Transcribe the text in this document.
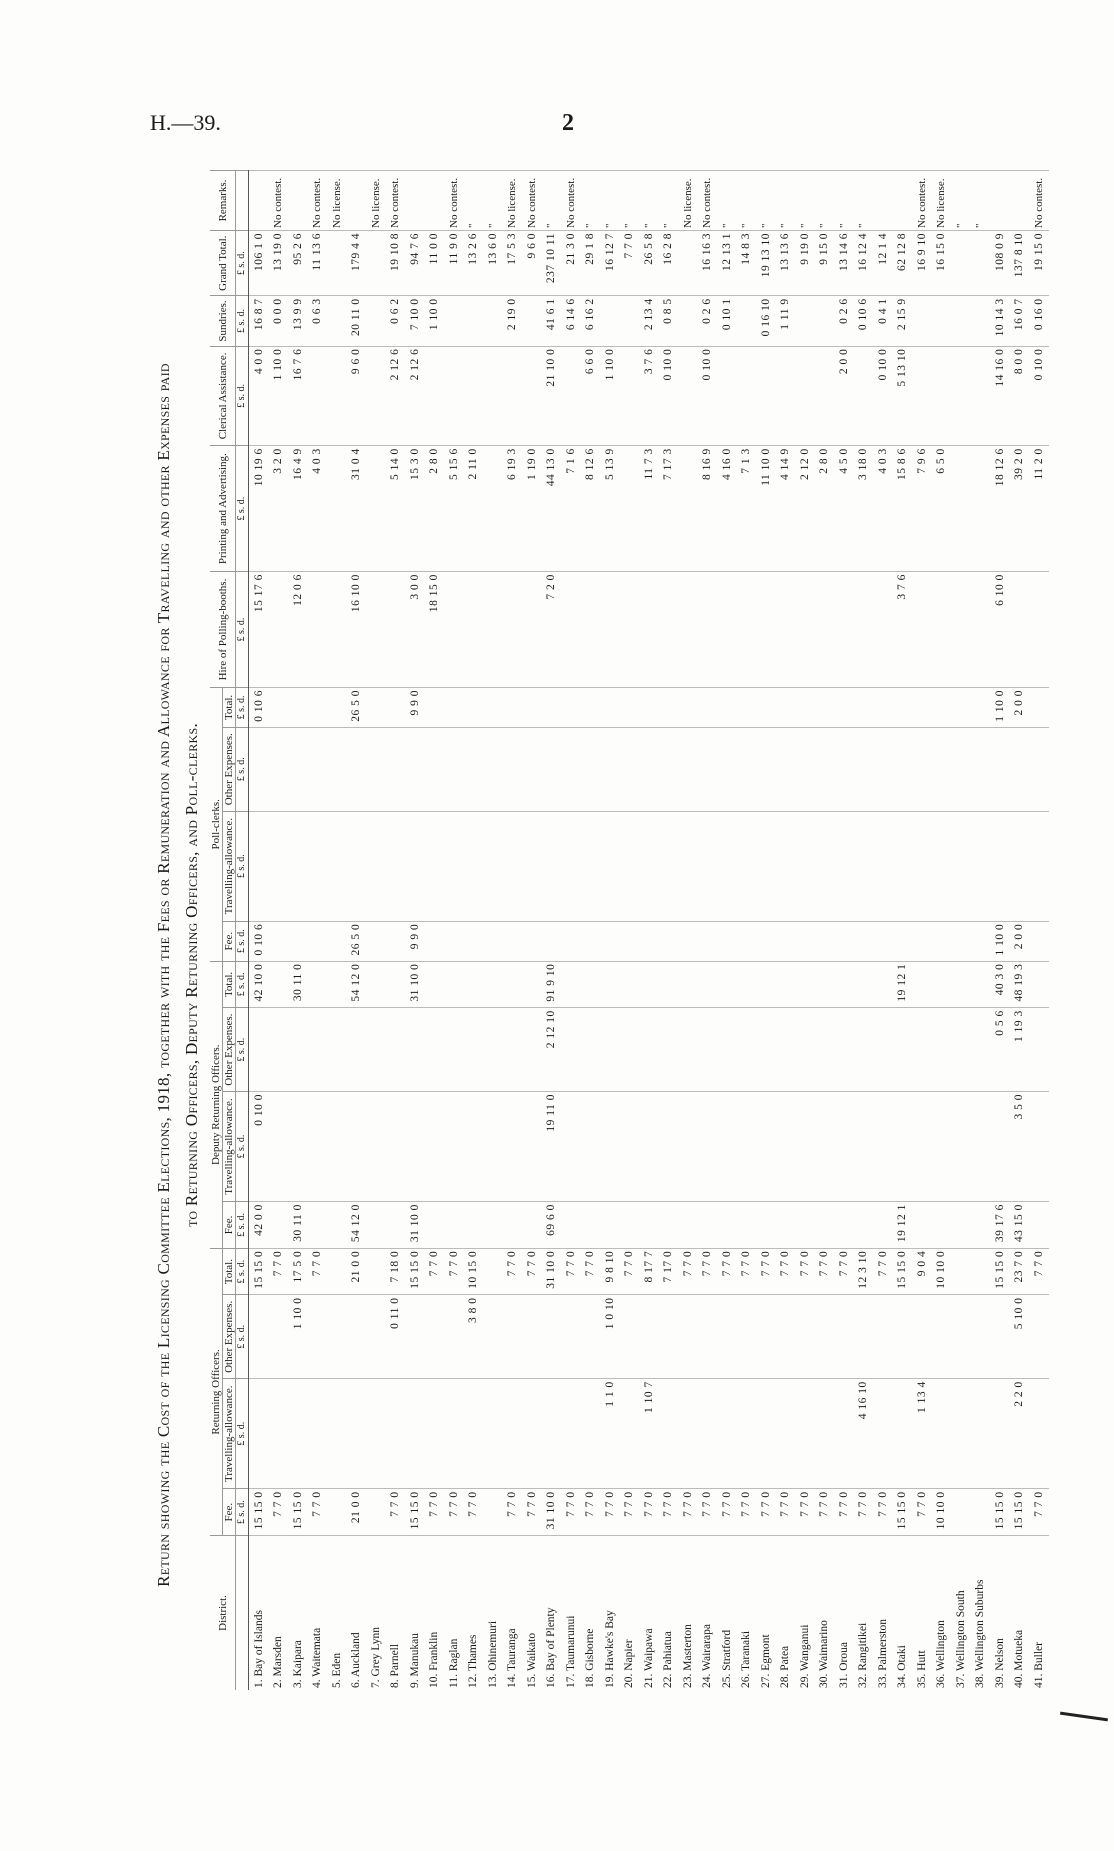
H.—39.	2
Return showing the Cost of the Licensing Committee Elections, 1918, together with the Fees or Remuneration and Allowance for Travelling and other Expenses paid to Returning Officers, Deputy Returning Officers, and Poll-clerks.
District.	Returning Officers.				Deputy Returning Officers.				Poll-clerks.				Hire of Polling-booths.	Printing and Advertising.	Clerical Assistance.	Sundries.	Grand Total.	Remarks.
	Fee.	Travelling-allowance.	Other Expenses.	Total.	Fee.	Travelling-allowance.	Other Expenses.	Total.	Fee.	Travelling-allowance.	Other Expenses.	Total.						
	£ s. d.	£ s. d.	£ s. d.	£ s. d.	£ s. d.	£ s. d.	£ s. d.	£ s. d.	£ s. d.	£ s. d.	£ s. d.	£ s. d.	£ s. d.	£ s. d.	£ s. d.	£ s. d.	£ s. d.	
1. Bay of Islands	15 15 0			15 15 0	42 0 0	0 10 0		42 10 0	0 10 6			0 10 6	15 17 6	10 19 6	4 0 0	16 8 7	106 1 0	
2. Marsden	7 7 0			7 7 0										3 2 0	1 10 0	0 0 0	13 19 0	No contest.
3. Kaipara	15 15 0		1 10 0	17 5 0	30 11 0			30 11 0					12 0 6	16 4 9	16 7 6	13 9 9	95 2 6	
4. Waitemata	7 7 0			7 7 0										4 0 3		0 6 3	11 13 6	No contest.
5. Eden																		No license.
6. Auckland	21 0 0			21 0 0	54 12 0			54 12 0	26 5 0			26 5 0	16 10 0	31 0 4	9 6 0	20 11 0	179 4 4	
7. Grey Lynn																		No license.
8. Parnell	7 7 0		0 11 0	7 18 0										5 14 0	2 12 6	0 6 2	19 10 8	No contest.
9. Manukau	15 15 0			15 15 0	31 10 0			31 10 0	9 9 0			9 9 0	3 0 0	15 3 0	2 12 6	7 10 0	94 7 6	
10. Franklin	7 7 0			7 7 0									18 15 0	2 8 0		1 10 0	11 0 0	
11. Raglan	7 7 0			7 7 0										5 15 6			11 9 0	No contest.
12. Thames	7 7 0		3 8 0	10 15 0										2 11 0			13 2 6	"
13. Ohinemuri																	13 6 0	"
14. Tauranga	7 7 0			7 7 0										6 19 3		2 19 0	17 5 3	No license.
15. Waikato	7 7 0			7 7 0										1 19 0			9 6 0	No contest.
16. Bay of Plenty	31 10 0			31 10 0	69 6 0	19 11 0	2 12 10	91 9 10					7 2 0	44 13 0	21 10 0	41 6 1	237 10 11	"
17. Taumarunui	7 7 0			7 7 0										7 1 6		6 14 6	21 3 0	No contest.
18. Gisborne	7 7 0			7 7 0										8 12 6	6 6 0	6 16 2	29 1 8	"
19. Hawke's Bay	7 7 0	1 1 0	1 0 10	9 8 10										5 13 9	1 10 0		16 12 7	"
20. Napier	7 7 0			7 7 0													7 7 0	"
21. Waipawa	7 7 0	1 10 7		8 17 7										11 7 3	3 7 6	2 13 4	26 5 8	"
22. Pahiatua	7 7 0			7 17 0										7 17 3	0 10 0	0 8 5	16 2 8	"
23. Masterton	7 7 0			7 7 0														No license.
24. Wairarapa	7 7 0			7 7 0										8 16 9	0 10 0	0 2 6	16 16 3	No contest.
25. Stratford	7 7 0			7 7 0										4 16 0		0 10 1	12 13 1	"
26. Taranaki	7 7 0			7 7 0										7 1 3			14 8 3	"
27. Egmont	7 7 0			7 7 0										11 10 0		0 16 10	19 13 10	"
28. Patea	7 7 0			7 7 0										4 14 9		1 11 9	13 13 6	"
29. Wanganui	7 7 0			7 7 0										2 12 0			9 19 0	"
30. Waimarino	7 7 0			7 7 0										2 8 0			9 15 0	"
31. Oroua	7 7 0			7 7 0										4 5 0	2 0 0	0 2 6	13 14 6	"
32. Rangitikei	7 7 0	4 16 10		12 3 10										3 18 0		0 10 6	16 12 4	"
33. Palmerston	7 7 0			7 7 0										4 0 3	0 10 0	0 4 1	12 1 4	
34. Otaki	15 15 0			15 15 0	19 12 1			19 12 1					3 7 6	15 8 6	5 13 10	2 15 9	62 12 8	
35. Hutt	7 7 0	1 13 4		9 0 4										7 9 6			16 9 10	No contest.
36. Wellington	10 10 0			10 10 0										6 5 0			16 15 0	No license.
37. Wellington South																		"
38. Wellington Suburbs																		"
39. Nelson	15 15 0			15 15 0	39 17 6		0 5 6	40 3 0	1 10 0			1 10 0	6 10 0	18 12 6	14 16 0	10 14 3	108 0 9	
40. Motueka	15 15 0	2 2 0	5 10 0	23 7 0	43 15 0	3 5 0	1 19 3	48 19 3	2 0 0			2 0 0		39 2 0	8 0 0	16 0 7	137 8 10	
41. Buller	7 7 0			7 7 0										11 2 0	0 10 0	0 16 0	19 15 0	No contest.
